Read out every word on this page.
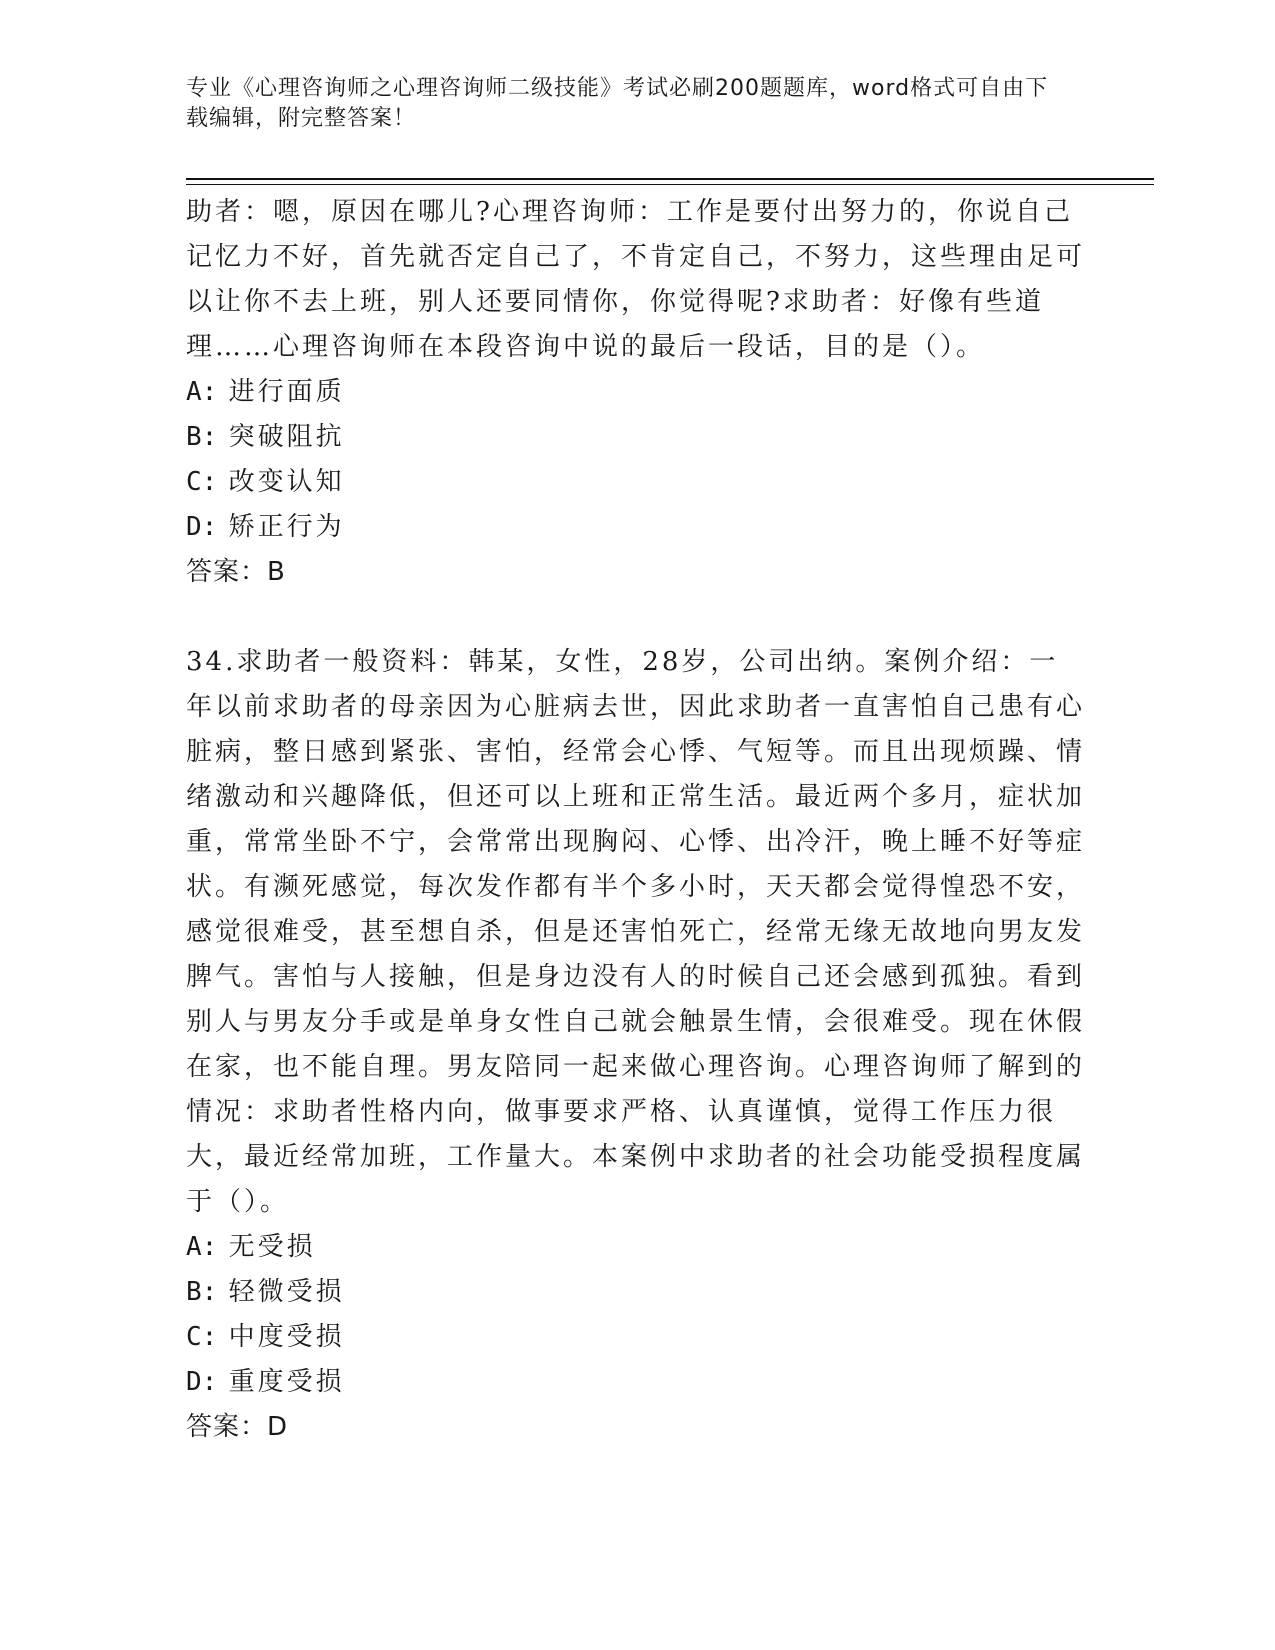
专业《心理咨询师之心理咨询师二级技能》考试必刷200题题库，word格式可自由下载编辑，附完整答案！

助者：嗯，原因在哪儿?心理咨询师：工作是要付出努力的，你说自己记忆力不好，首先就否定自己了，不肯定自己，不努力，这些理由足可以让你不去上班，别人还要同情你，你觉得呢?求助者：好像有些道理……心理咨询师在本段咨询中说的最后一段话，目的是（）。

A: 进行面质
B: 突破阻抗
C: 改变认知
D: 矫正行为
答案：B

34.求助者一般资料：韩某，女性，28岁，公司出纳。案例介绍：一年以前求助者的母亲因为心脏病去世，因此求助者一直害怕自己患有心脏病，整日感到紧张、害怕，经常会心悸、气短等。而且出现烦躁、情绪激动和兴趣降低，但还可以上班和正常生活。最近两个多月，症状加重，常常坐卧不宁，会常常出现胸闷、心悸、出冷汗，晚上睡不好等症状。有濒死感觉，每次发作都有半个多小时，天天都会觉得惶恐不安，感觉很难受，甚至想自杀，但是还害怕死亡，经常无缘无故地向男友发脾气。害怕与人接触，但是身边没有人的时候自己还会感到孤独。看到别人与男友分手或是单身女性自己就会触景生情，会很难受。现在休假在家，也不能自理。男友陪同一起来做心理咨询。心理咨询师了解到的情况：求助者性格内向，做事要求严格、认真谨慎，觉得工作压力很大，最近经常加班，工作量大。本案例中求助者的社会功能受损程度属于（）。

A: 无受损
B: 轻微受损
C: 中度受损
D: 重度受损
答案：D
